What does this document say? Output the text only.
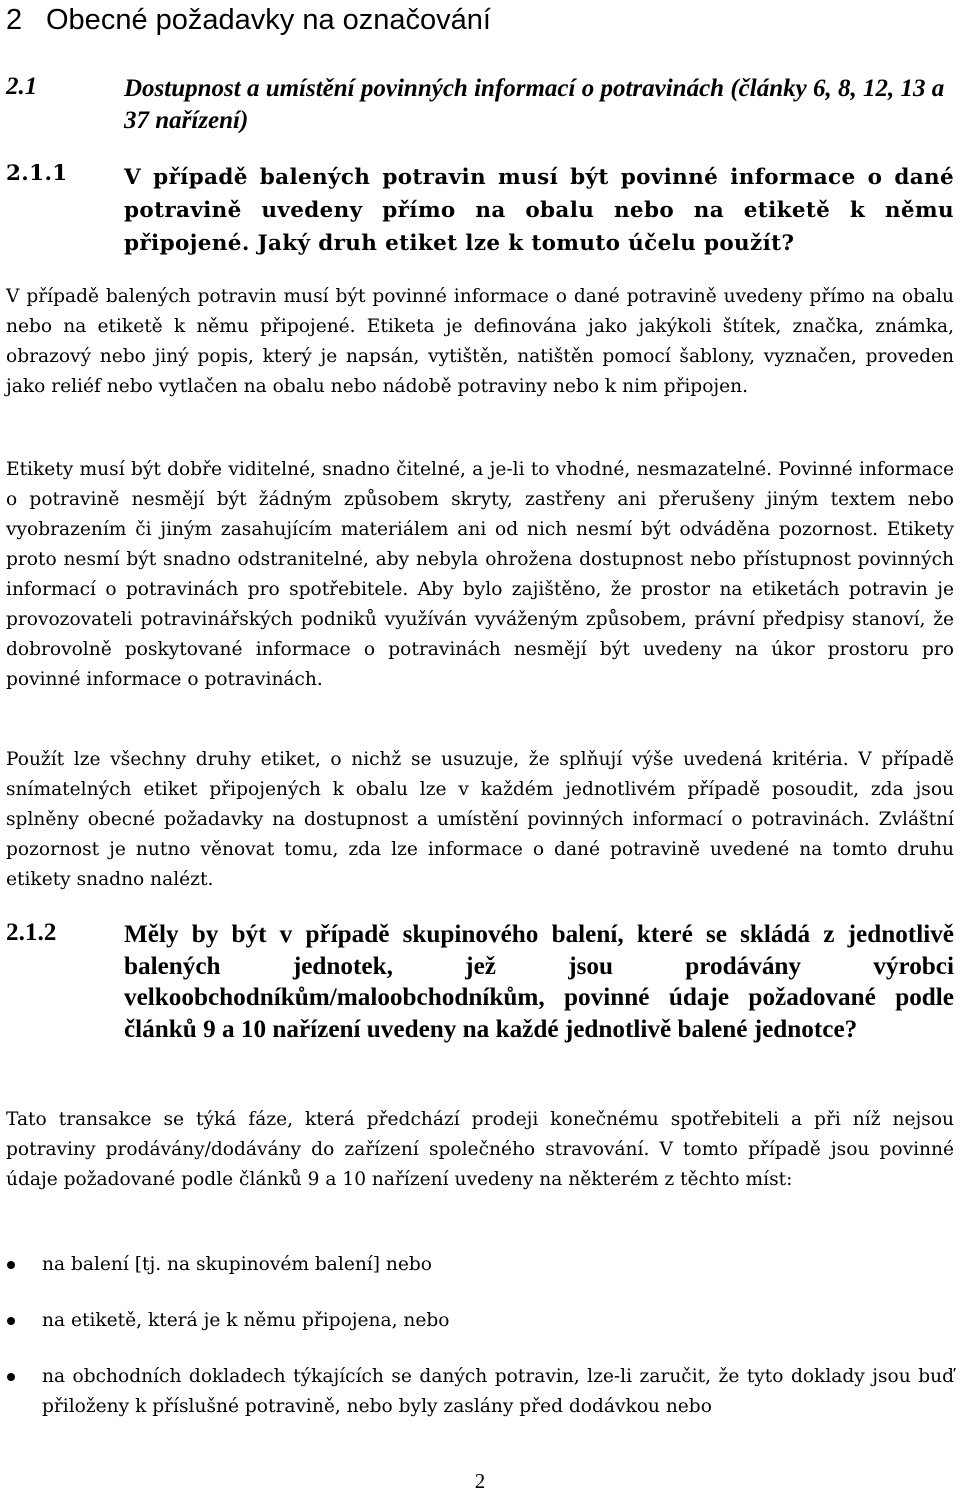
2 Obecné požadavky na označování
2.1	Dostupnost a umístění povinných informací o potravinách (články 6, 8, 12, 13 a 37 nařízení)
2.1.1	V případě balených potravin musí být povinné informace o dané potravině uvedeny přímo na obalu nebo na etiketě k němu připojené. Jaký druh etiket lze k tomuto účelu použít?

V případě balených potravin musí být povinné informace o dané potravině uvedeny přímo na obalu nebo na etiketě k němu připojené. Etiketa je definována jako jakýkoli štítek, značka, známka, obrazový nebo jiný popis, který je napsán, vytištěn, natištěn pomocí šablony, vyznačen, proveden jako reliéf nebo vytlačen na obalu nebo nádobě potraviny nebo k nim připojen.

Etikety musí být dobře viditelné, snadno čitelné, a je-li to vhodné, nesmazatelné. Povinné informace o potravině nesmějí být žádným způsobem skryty, zastřeny ani přerušeny jiným textem nebo vyobrazením či jiným zasahujícím materiálem ani od nich nesmí být odváděna pozornost. Etikety proto nesmí být snadno odstranitelné, aby nebyla ohrožena dostupnost nebo přístupnost povinných informací o potravinách pro spotřebitele. Aby bylo zajištěno, že prostor na etiketách potravin je provozovateli potravinářských podniků využíván vyváženým způsobem, právní předpisy stanoví, že dobrovolně poskytované informace o potravinách nesmějí být uvedeny na úkor prostoru pro povinné informace o potravinách.

Použít lze všechny druhy etiket, o nichž se usuzuje, že splňují výše uvedená kritéria. V případě snímatelných etiket připojených k obalu lze v každém jednotlivém případě posoudit, zda jsou splněny obecné požadavky na dostupnost a umístění povinných informací o potravinách. Zvláštní pozornost je nutno věnovat tomu, zda lze informace o dané potravině uvedené na tomto druhu etikety snadno nalézt.

2.1.2	Měly by být v případě skupinového balení, které se skládá z jednotlivě balených jednotek, jež jsou prodávány výrobci velkoobchodníkům/maloobchodníkům, povinné údaje požadované podle článků 9 a 10 nařízení uvedeny na každé jednotlivě balené jednotce?

Tato transakce se týká fáze, která předchází prodeji konečnému spotřebiteli a při níž nejsou potraviny prodávány/dodávány do zařízení společného stravování. V tomto případě jsou povinné údaje požadované podle článků 9 a 10 nařízení uvedeny na některém z těchto míst:

na balení [tj. na skupinovém balení] nebo
na etiketě, která je k němu připojena, nebo
na obchodních dokladech týkajících se daných potravin, lze-li zaručit, že tyto doklady jsou buď přiloženy k příslušné potravině, nebo byly zaslány před dodávkou nebo
2
